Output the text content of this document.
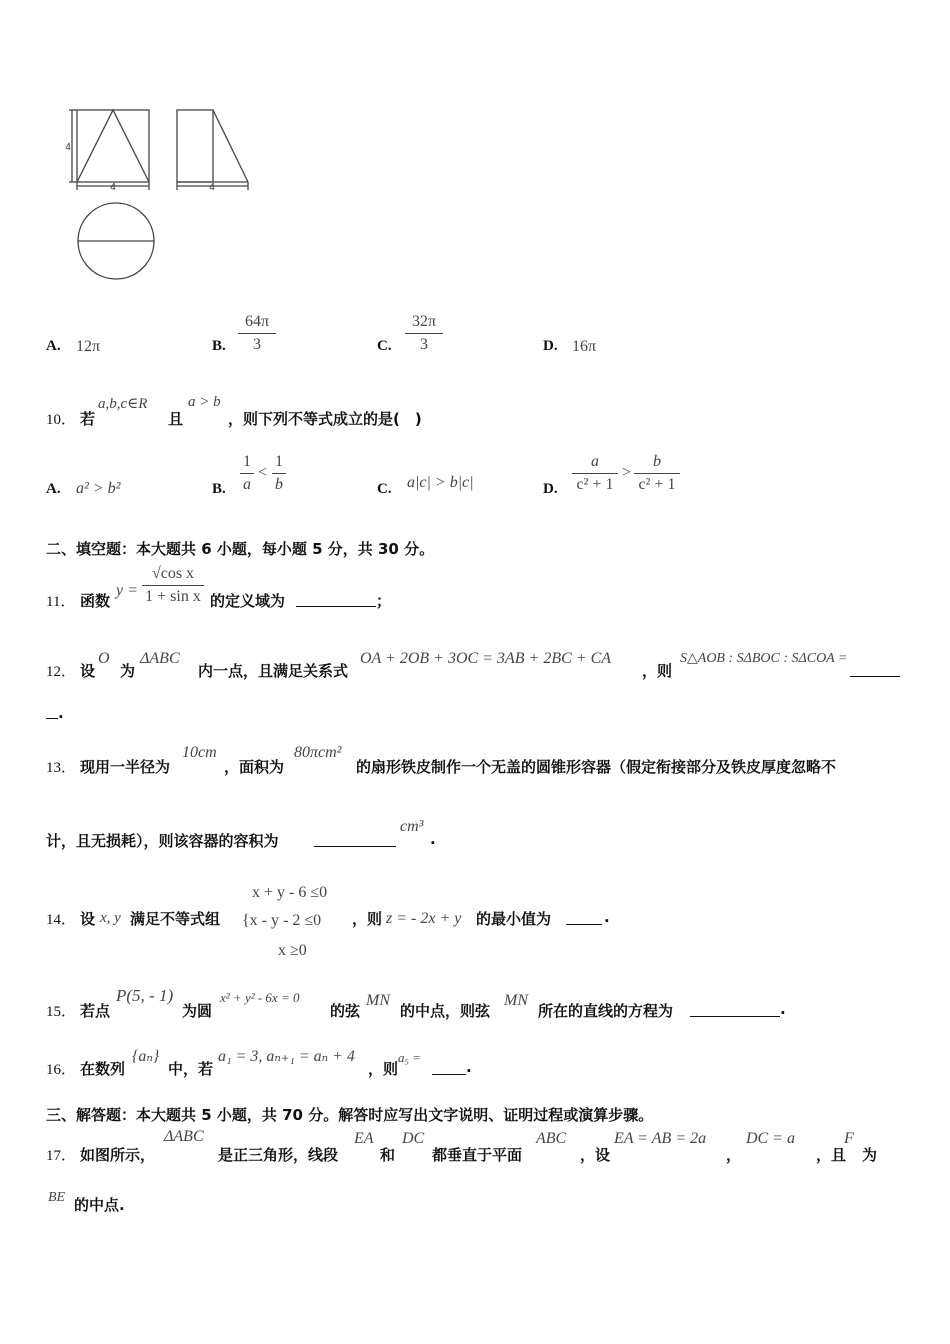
4
4	4
A. 12π	B.
64π
3	C.
32π
3	D. 16π
10． 若
a,b,c∈R
且
a > b
，则下列不等式成立的是(　)
A. a² > b²	B.
1
a
<
1
b	C. a|c| > b|c|	D.
a
c² + 1
>
b
c² + 1
二、填空题：本大题共 6 小题，每小题 5 分，共 30 分。
11． 函数
y =
√cos x
1 + sin x 的定义域为	；
12． 设
O
为
ΔABC
内一点，且满足关系式
OA + 2OB + 3OC = 3AB + 2BC + CA
，则
S△AOB : SΔBOC : SΔCOA =
.
13． 现用一半径为
10cm
，面积为
80πcm²
的扇形铁皮制作一个无盖的圆锥形容器（假定衔接部分及铁皮厚度忽略不
计，且无损耗），则该容器的容积为
cm³
.
14． 设 x, y 满足不等式组
x + y - 6 ≤0
{x - y - 2 ≤0
x ≥0
，则 z = - 2x + y 的最小值为	.
15． 若点
P(5, - 1)
为圆
x² + y² - 6x = 0
的弦
MN
的中点，则弦
MN
所在的直线的方程为	.
16． 在数列
{aₙ}
中，若
a₁ = 3, aₙ₊₁ = aₙ + 4
，则
a₅ =
.
三、解答题：本大题共 5 小题，共 70 分。解答时应写出文字说明、证明过程或演算步骤。
17． 如图所示，
ΔABC
是正三角形，线段
EA
和
DC
都垂直于平面
ABC
，设
EA = AB = 2a
，
DC = a
，且
F
为
BE 的中点.
